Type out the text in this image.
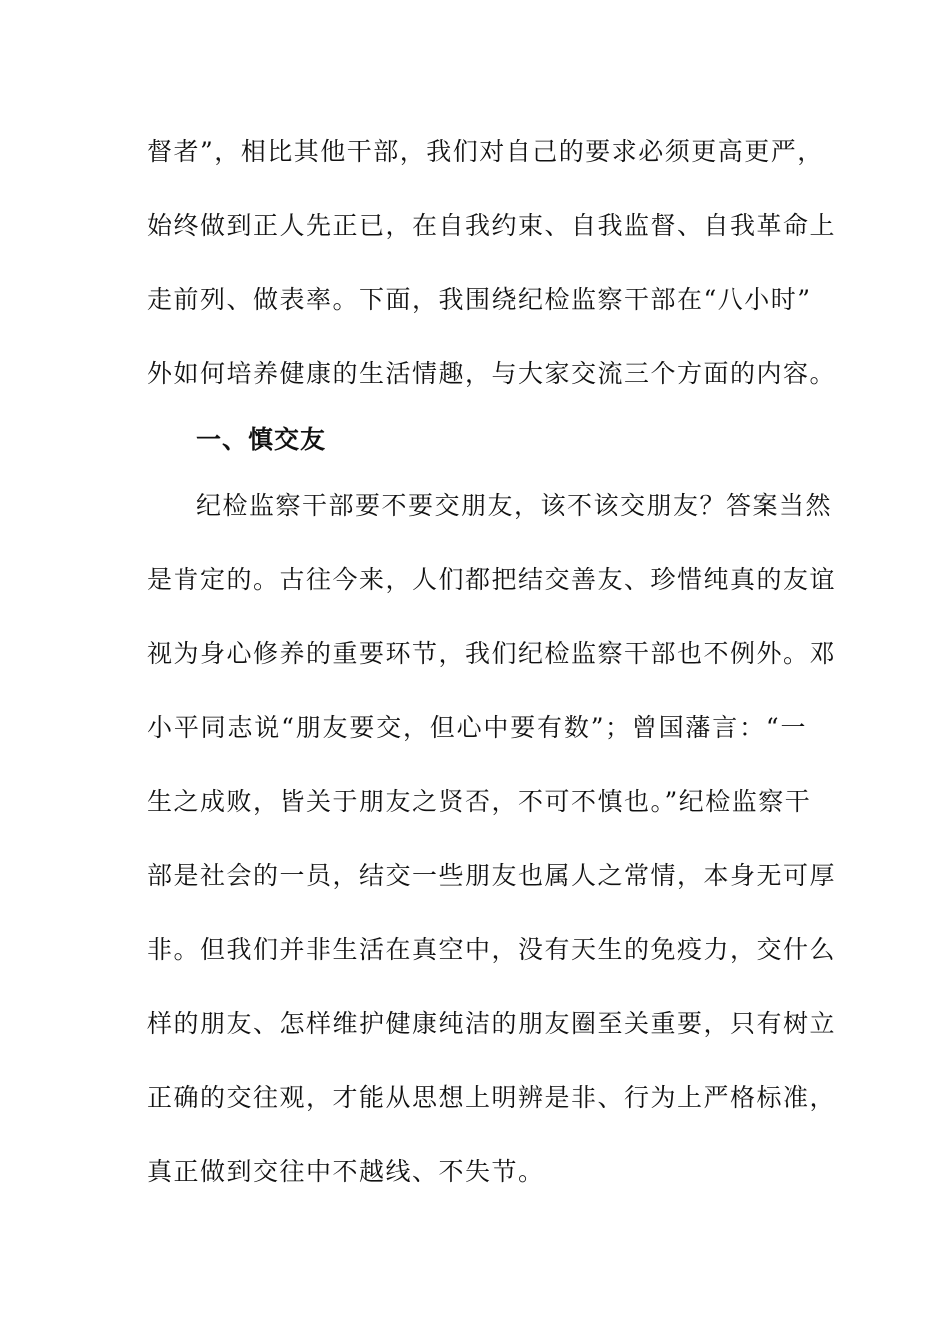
督者”，相比其他干部，我们对自己的要求必须更高更严，
始终做到正人先正已，在自我约束、自我监督、自我革命上
走前列、做表率。下面，我围绕纪检监察干部在“八小时”
外如何培养健康的生活情趣，与大家交流三个方面的内容。
一、慎交友
纪检监察干部要不要交朋友，该不该交朋友？答案当然
是肯定的。古往今来，人们都把结交善友、珍惜纯真的友谊
视为身心修养的重要环节，我们纪检监察干部也不例外。邓
小平同志说“朋友要交，但心中要有数”；曾国藩言：“一
生之成败，皆关于朋友之贤否，不可不慎也。”纪检监察干
部是社会的一员，结交一些朋友也属人之常情，本身无可厚
非。但我们并非生活在真空中，没有天生的免疫力，交什么
样的朋友、怎样维护健康纯洁的朋友圈至关重要，只有树立
正确的交往观，才能从思想上明辨是非、行为上严格标准，
真正做到交往中不越线、不失节。
